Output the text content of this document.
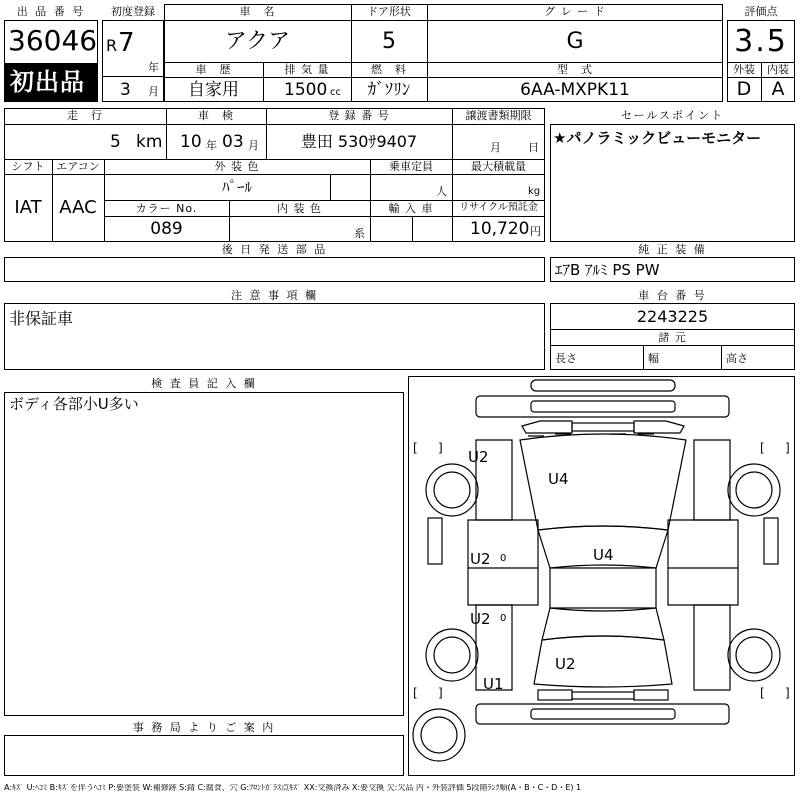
出 品 番 号
36046
初出品
初度登録
R 7
年
3 月
車　名
アクア
ドア形状
5
グ レ ー ド
G
車　歴
自家用
排 気 量
1500 cc
燃　料
ｶﾞｿﾘﾝ
型　式
6AA-MXPK11
評価点
3.5
外装	内装
D	A
走　行
5 km
車　検
10 年 03 月
登 録 番 号
豊田 530ｻ9407
譲渡書類期限
月 日
シフト
IAT
エアコン
AAC
外 装 色
ﾊﾟｰﾙ
乗車定員
人
最大積載量
kg
カラー No.
089
内 装 色
系
輸 入 車	リサイクル預託金
10,720 円
セールスポイント
★パノラミックビューモニター
後 日 発 送 部 品	純 正 装 備
ｴｱB ｱﾙﾐ PS PW
注 意 事 項 欄
非保証車
車 台 番 号
2243225
諸 元
長さ	幅	高さ
検 査 員 記 入 欄
ボディ各部小U多い
事 務 局 よ り ご 案 内
[ ]	[ ]
[ ]	[ ]
U2
U4
U2 0	U4
U2 0
U2
U1
A:ｷｽﾞ U:ﾍｺﾐ B:ｷｽﾞを伴うﾍｺﾐ P:要塗装 W:補修跡 S:錆 C:腐食、穴 G:ﾌﾛﾝﾄｶﾞﾗｽ点ｷｽﾞ XX:交換済み X:要交換 欠:欠品 内・外装評価 5段階ﾗﾝｸ順(A・B・C・D・E) 1
